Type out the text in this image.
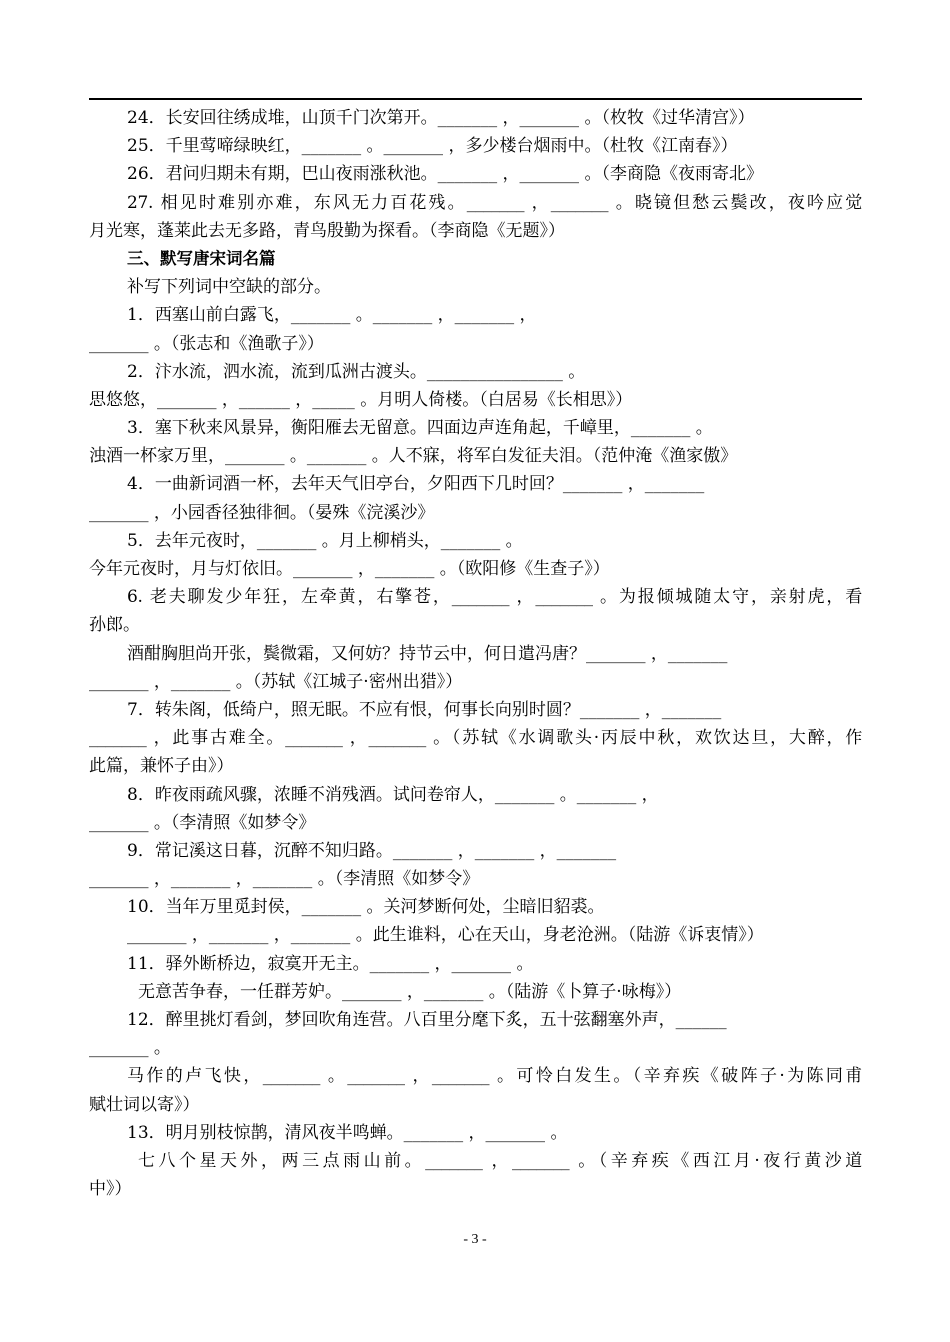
24．长安回往绣成堆，山顶千门次第开。_______ ，_______ 。（枚牧《过华清宫》）
25．千里莺啼绿映红，_______ 。_______ ，多少楼台烟雨中。（杜牧《江南春》）
26．君问归期未有期，巴山夜雨涨秋池。_______ ，_______ 。（李商隐《夜雨寄北》
27. 相见时难别亦难，东风无力百花残。_______ ，_______ 。晓镜但愁云鬓改，夜吟应觉
月光寒，蓬莱此去无多路，青鸟殷勤为探看。（李商隐《无题》）
三、默写唐宋词名篇
补写下列词中空缺的部分。
1．西塞山前白露飞，_______ 。_______ ，_______ ，
_______ 。（张志和《渔歌子》）
2．汴水流，泗水流，流到瓜洲古渡头。________________ 。
思悠悠，_______ ，______ ，_____ 。月明人倚楼。（白居易《长相思》）
3．塞下秋来风景异，衡阳雁去无留意。四面边声连角起，千嶂里，_______ 。
浊酒一杯家万里，_______ 。_______ 。人不寐，将军白发征夫泪。（范仲淹《渔家傲》
4．一曲新词酒一杯，去年天气旧亭台，夕阳西下几时回？_______ ，_______
_______ ，小园香径独徘徊。（晏殊《浣溪沙》
5．去年元夜时，_______ 。月上柳梢头，_______ 。
今年元夜时，月与灯依旧。_______ ，_______ 。（欧阳修《生查子》）
6. 老夫聊发少年狂，左牵黄，右擎苍，_______ ，_______ 。为报倾城随太守，亲射虎，看
孙郎。
酒酣胸胆尚开张，鬓微霜，又何妨？持节云中，何日遣冯唐？_______ ，_______
_______ ，_______ 。（苏轼《江城子·密州出猎》）
7．转朱阁，低绮户，照无眠。不应有恨，何事长向别时圆？_______ ，_______
_______ ，此事古难全。_______ ，_______ 。（苏轼《水调歌头·丙辰中秋，欢饮达旦，大醉，作
此篇，兼怀子由》）
8．昨夜雨疏风骤，浓睡不消残酒。试问卷帘人，_______ 。_______ ，
_______ 。（李清照《如梦令》
9．常记溪这日暮，沉醉不知归路。_______ ，_______ ，_______
_______ ，_______ ，_______ 。（李清照《如梦令》
10．当年万里觅封侯，_______ 。关河梦断何处，尘暗旧貂裘。
_______ ，_______ ，_______ 。此生谁料，心在天山，身老沧洲。（陆游《诉衷情》）
11．驿外断桥边，寂寞开无主。_______ ，_______ 。
无意苦争春，一任群芳妒。_______ ，_______ 。（陆游《卜算子·咏梅》）
12．醉里挑灯看剑，梦回吹角连营。八百里分麾下炙，五十弦翻塞外声，______
_______ 。
马作的卢飞快，_______ 。_______ ，_______ 。可怜白发生。（辛弃疾《破阵子·为陈同甫
赋壮词以寄》）
13．明月别枝惊鹊，清风夜半鸣蝉。_______ ，_______ 。
七八个星天外，两三点雨山前。_______ ，_______ 。（辛弃疾《西江月·夜行黄沙道
中》）
- 3 -
